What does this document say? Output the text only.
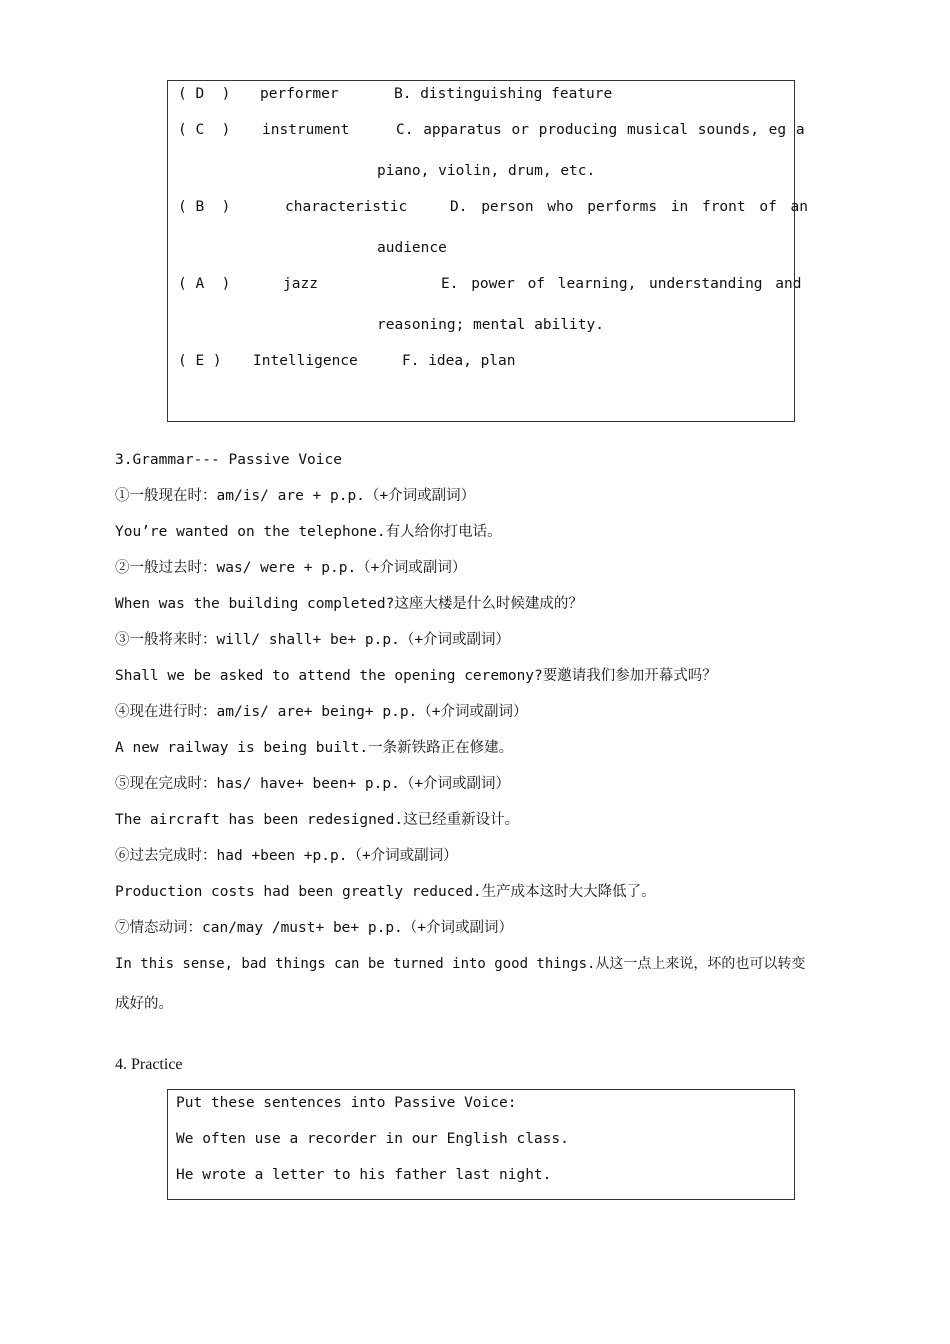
( D  ) performer	B. distinguishing feature
( C  ) instrument	C. apparatus or producing musical sounds, eg a
piano, violin, drum, etc.
( B  )	characteristic	D. person who performs in front of an
audience
( A  )	jazz	E. power of learning, understanding and
reasoning; mental ability.
( E ) Intelligence	F. idea, plan
3.Grammar--- Passive Voice
①一般现在时：am/is/ are + p.p.（+介词或副词）
You’re wanted on the telephone.有人给你打电话。
②一般过去时：was/ were + p.p.（+介词或副词）
When was the building completed?这座大楼是什么时候建成的？
③一般将来时：will/ shall+ be+ p.p.（+介词或副词）
Shall we be asked to attend the opening ceremony?要邀请我们参加开幕式吗？
④现在进行时：am/is/ are+ being+ p.p.（+介词或副词）
A new railway is being built.一条新铁路正在修建。
⑤现在完成时：has/ have+ been+ p.p.（+介词或副词）
The aircraft has been redesigned.这已经重新设计。
⑥过去完成时：had +been +p.p.（+介词或副词）
Production costs had been greatly reduced.生产成本这时大大降低了。
⑦情态动词：can/may /must+ be+ p.p.（+介词或副词）
In this sense, bad things can be turned into good things.从这一点上来说，坏的也可以转变
成好的。
4. Practice
Put these sentences into Passive Voice:
We often use a recorder in our English class.
He wrote a letter to his father last night.
